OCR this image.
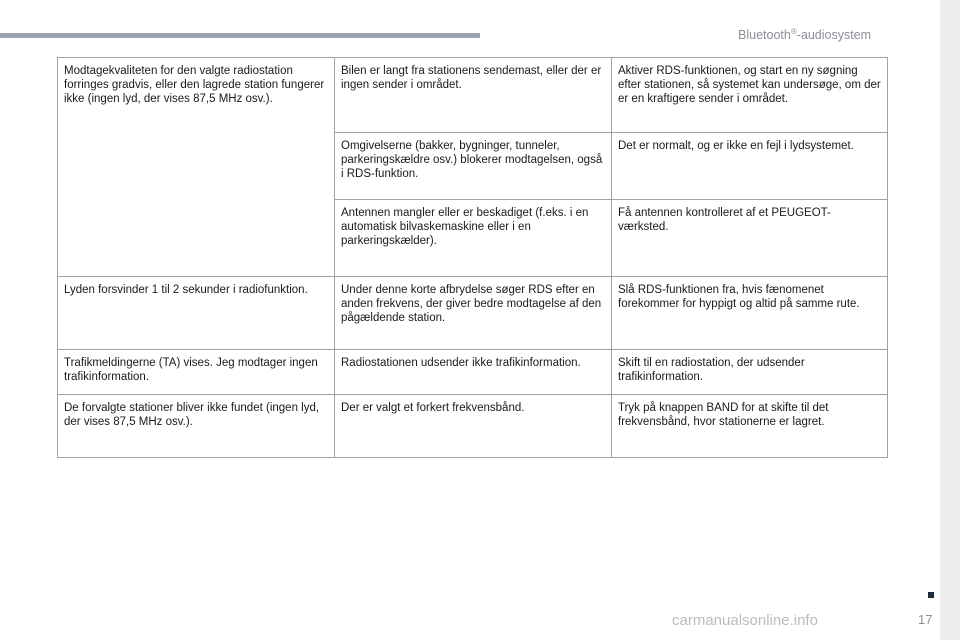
Bluetooth®-audiosystem
Modtagekvaliteten for den valgte radiostation forringes gradvis, eller den lagrede station fungerer ikke (ingen lyd, der vises 87,5 MHz osv.).	Bilen er langt fra stationens sendemast, eller der er ingen sender i området.	Aktiver RDS-funktionen, og start en ny søgning efter stationen, så systemet kan undersøge, om der er en kraftigere sender i området.
	Omgivelserne (bakker, bygninger, tunneler, parkeringskældre osv.) blokerer modtagelsen, også i RDS-funktion.	Det er normalt, og er ikke en fejl i lydsystemet.
	Antennen mangler eller er beskadiget (f.eks. i en automatisk bilvaskemaskine eller i en parkeringskælder).	Få antennen kontrolleret af et PEUGEOT-værksted.
Lyden forsvinder 1 til 2 sekunder i radiofunktion.	Under denne korte afbrydelse søger RDS efter en anden frekvens, der giver bedre modtagelse af den pågældende station.	Slå RDS-funktionen fra, hvis fænomenet forekommer for hyppigt og altid på samme rute.
Trafikmeldingerne (TA) vises. Jeg modtager ingen trafikinformation.	Radiostationen udsender ikke trafikinformation.	Skift til en radiostation, der udsender trafikinformation.
De forvalgte stationer bliver ikke fundet (ingen lyd, der vises 87,5 MHz osv.).	Der er valgt et forkert frekvensbånd.	Tryk på knappen BAND for at skifte til det frekvensbånd, hvor stationerne er lagret.
carmanualsonline.info	17
